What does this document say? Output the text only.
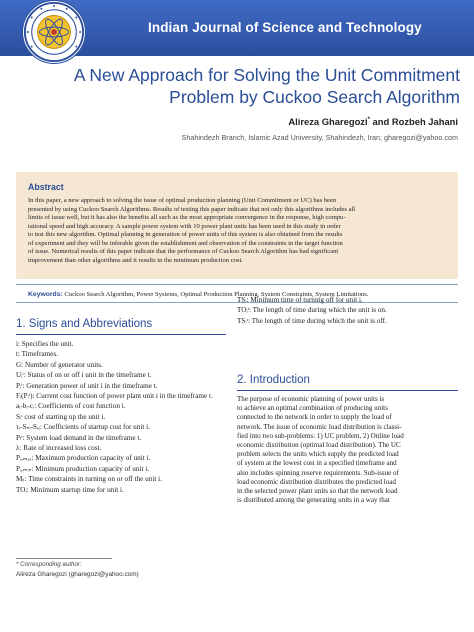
Indian Journal of Science and Technology
A New Approach for Solving the Unit Commitment
Problem by Cuckoo Search Algorithm
Alireza Gharegozi* and Rozbeh Jahani
Shahindezh Branch, Islamic Azad University, Shahindezh, Iran; gharegozi@yahoo.com
Abstract
In this paper, a new approach to solving the issue of optimal production planning (Unit Commitment or UC) has been
presented by using Cuckoo Search Algorithms. Results of testing this paper indicate that not only this algorithms includes all
limits of issue well, but it has also the benefits all such as the most appropriate convergence in the response, high compu-
tational speed and high accuracy. A sample power system with 10 power plant units has been used in this study in order
to test this new algorithm. Optimal planning in generation of power units of this system is also obtained from the results
of experiment and they will be inferable given the establishment and observation of the constraints in the target function
of issue. Numerical results of this paper indicate that the performance of Cuckoo Search Algorithm has had significant
improvement than other algorithms and it results in the minimum production cost.
Keywords: Cuckoo Search Algorithm, Power Systems, Optimal Production Planning, System Constraints, System Limitations.
1. Signs and Abbreviations
i: Specifies the unit.
t: Timeframes.
G: Number of generator units.
Uᵢᵗ: Status of on or off i unit in the timeframe t.
Pᵢᵗ: Generation power of unit i in the timeframe t.
Fᵢ(Pᵢᵗ): Current cost function of power plant unit i in the timeframe t.
aᵢ-bᵢ-cᵢ: Coefficients of cost function i.
Sᵢᵗ cost of starting up the unit i.
τᵢ-Sₙᵢ-Sₑᵢ: Coefficients of startup cost for unit i.
Pₗᵗ: System load demand in the timeframe t.
λ: Rate of increased loss cost.
Pᵢ,ₘₐₓ: Maximum production capacity of unit i.
Pᵢ,ₘᵢₙ: Minimum production capacity of unit i.
Mₜ: Time constraints in turning on or off the unit i.
TOᵢ: Minimum startup time for unit i.
TSᵢ: Minimum time of turning off for unit i.
TOᵢᵗ: The length of time during which the unit is on.
TSᵢᵗ: The length of time during which the unit is off.
2. Introduction
The purpose of economic planning of power units is
to achieve an optimal combination of producing units
connected to the network in order to supply the load of
network. The issue of economic load distribution is classi-
fied into two sub-problems: 1) UC problem, 2) Online load
economic distribution (optimal load distribution). The UC
problem selects the units which supply the predicted load
of system at the lowest cost in a specified timeframe and
also includes spinning reserve requirements. Sub-issue of
load economic distribution distributes the predicted load
in the selected power plant units so that the network load
is distributed among the generating units in a way that
* Corresponding author:
Alireza Gharegozi (gharegozi@yahoo.com)
